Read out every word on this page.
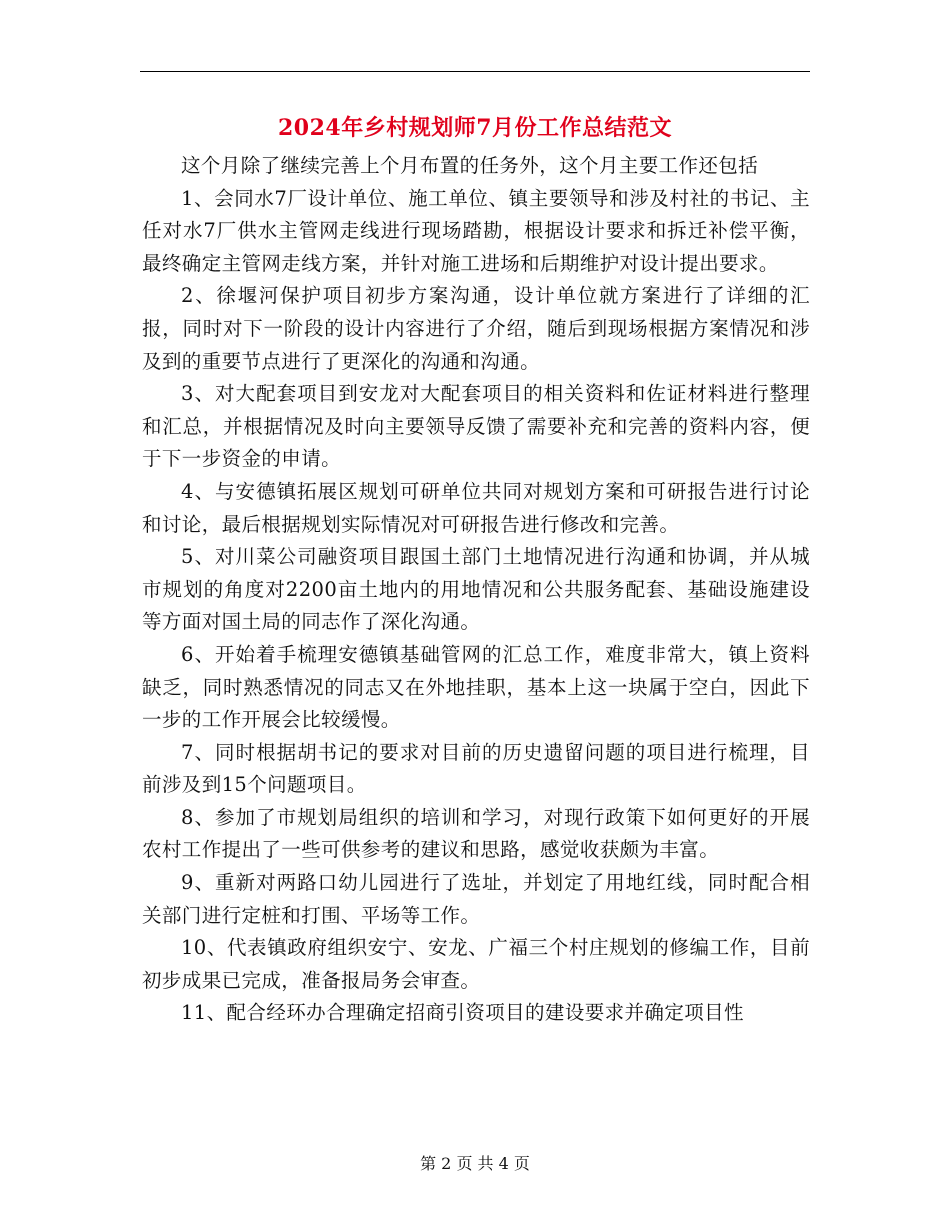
2024年乡村规划师7月份工作总结范文

这个月除了继续完善上个月布置的任务外，这个月主要工作还包括

1、会同水7厂设计单位、施工单位、镇主要领导和涉及村社的书记、主任对水7厂供水主管网走线进行现场踏勘，根据设计要求和拆迁补偿平衡，最终确定主管网走线方案，并针对施工进场和后期维护对设计提出要求。

2、徐堰河保护项目初步方案沟通，设计单位就方案进行了详细的汇报，同时对下一阶段的设计内容进行了介绍，随后到现场根据方案情况和涉及到的重要节点进行了更深化的沟通和沟通。

3、对大配套项目到安龙对大配套项目的相关资料和佐证材料进行整理和汇总，并根据情况及时向主要领导反馈了需要补充和完善的资料内容，便于下一步资金的申请。

4、与安德镇拓展区规划可研单位共同对规划方案和可研报告进行讨论和讨论，最后根据规划实际情况对可研报告进行修改和完善。

5、对川菜公司融资项目跟国土部门土地情况进行沟通和协调，并从城市规划的角度对2200亩土地内的用地情况和公共服务配套、基础设施建设等方面对国土局的同志作了深化沟通。

6、开始着手梳理安德镇基础管网的汇总工作，难度非常大，镇上资料缺乏，同时熟悉情况的同志又在外地挂职，基本上这一块属于空白，因此下一步的工作开展会比较缓慢。

7、同时根据胡书记的要求对目前的历史遗留问题的项目进行梳理，目前涉及到15个问题项目。

8、参加了市规划局组织的培训和学习，对现行政策下如何更好的开展农村工作提出了一些可供参考的建议和思路，感觉收获颇为丰富。

9、重新对两路口幼儿园进行了选址，并划定了用地红线，同时配合相关部门进行定桩和打围、平场等工作。

10、代表镇政府组织安宁、安龙、广福三个村庄规划的修编工作，目前初步成果已完成，准备报局务会审查。

11、配合经环办合理确定招商引资项目的建设要求并确定项目性

第 2 页 共 4 页
